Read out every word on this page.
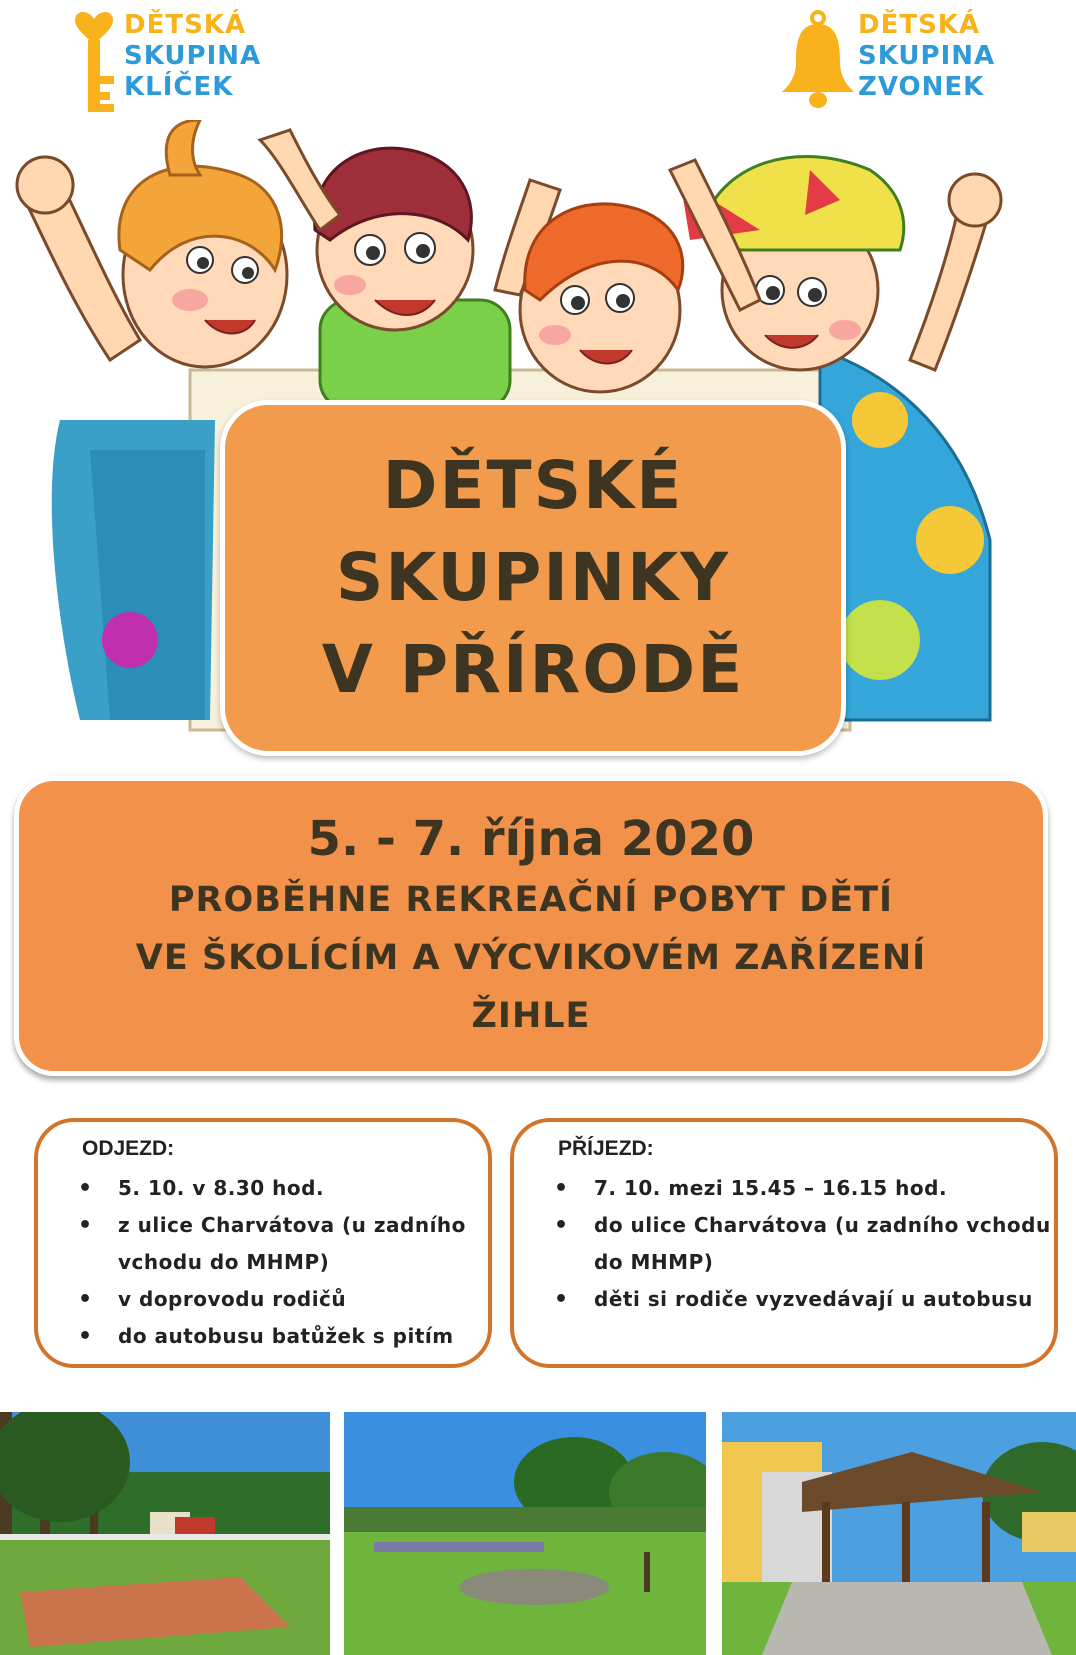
DĚTSKÁ
SKUPINA
KLÍČEK
DĚTSKÁ
SKUPINA
ZVONEK
DĚTSKÉ
SKUPINKY
V PŘÍRODĚ
5. - 7. října 2020
PROBĚHNE REKREAČNÍ POBYT DĚTÍ
VE ŠKOLÍCÍM A VÝCVIKOVÉM ZAŘÍZENÍ
ŽIHLE
ODJEZD:
• 5. 10. v 8.30 hod.
• z ulice Charvátova (u zadního vchodu do MHMP)
• v doprovodu rodičů
• do autobusu batůžek s pitím
PŘÍJEZD:
• 7. 10. mezi 15.45 – 16.15 hod.
• do ulice Charvátova (u zadního vchodu do MHMP)
• děti si rodiče vyzvedávají u autobusu
